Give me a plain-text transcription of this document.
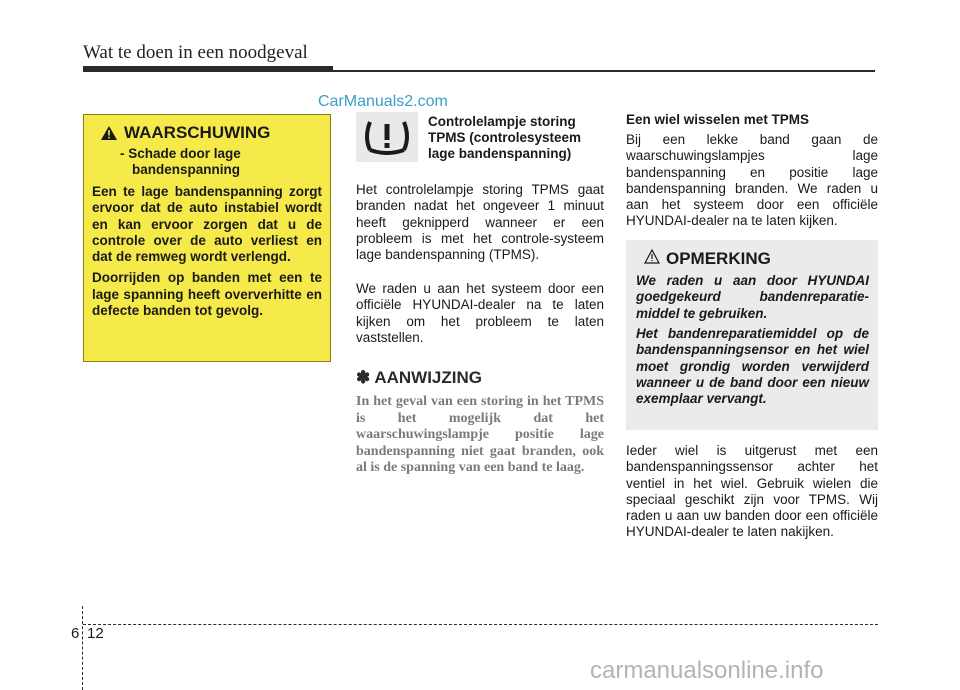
Wat te doen in een noodgeval
CarManuals2.com
WAARSCHUWING
- Schade door lage
bandenspanning

Een te lage bandenspanning zorgt ervoor dat de auto instabiel wordt en kan ervoor zorgen dat u de controle over de auto verliest en dat de remweg wordt verlengd.

Doorrijden op banden met een te lage spanning heeft oververhitte en defecte banden tot gevolg.

Controlelampje storing TPMS (controlesysteem lage bandenspanning)

Het controlelampje storing TPMS gaat branden nadat het ongeveer 1 minuut heeft geknipperd wanneer er een probleem is met het controle-systeem lage bandenspanning (TPMS).

We raden u aan het systeem door een officiële HYUNDAI-dealer na te laten kijken om het probleem te laten vaststellen.

✽ AANWIJZING

In het geval van een storing in het TPMS is het mogelijk dat het waarschuwingslampje positie lage bandenspanning niet gaat branden, ook al is de spanning van een band te laag.

Een wiel wisselen met TPMS

Bij een lekke band gaan de waarschuwingslampjes lage bandenspanning en positie lage bandenspanning branden. We raden u aan het systeem door een officiële HYUNDAI-dealer na te laten kijken.

OPMERKING

We raden u aan door HYUNDAI goedgekeurd bandenreparatie-middel te gebruiken.

Het bandenreparatiemiddel op de bandenspanningsensor en het wiel moet grondig worden verwijderd wanneer u de band door een nieuw exemplaar vervangt.

Ieder wiel is uitgerust met een bandenspanningssensor achter het ventiel in het wiel. Gebruik wielen die speciaal geschikt zijn voor TPMS. Wij raden u aan uw banden door een officiële HYUNDAI-dealer te laten nakijken.

6 12
carmanualsonline.info
